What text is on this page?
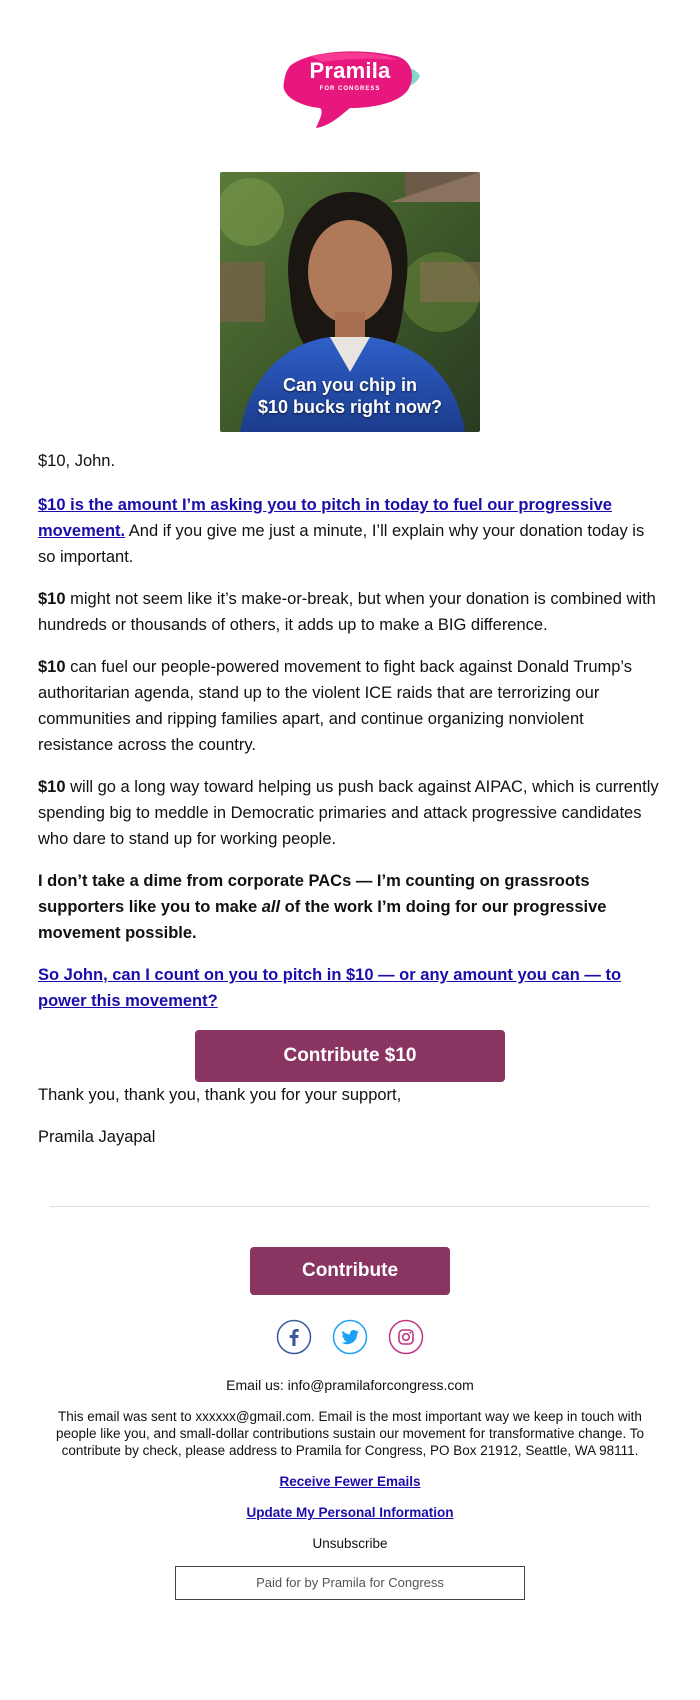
Pramila
FOR CONGRESS
Can you chip in
$10 bucks right now?

$10, John.

$10 is the amount I’m asking you to pitch in today to fuel our progressive movement. And if you give me just a minute, I’ll explain why your donation today is so important.

$10 might not seem like it’s make-or-break, but when your donation is combined with hundreds or thousands of others, it adds up to make a BIG difference.

$10 can fuel our people-powered movement to fight back against Donald Trump’s authoritarian agenda, stand up to the violent ICE raids that are terrorizing our communities and ripping families apart, and continue organizing nonviolent resistance across the country.

$10 will go a long way toward helping us push back against AIPAC, which is currently spending big to meddle in Democratic primaries and attack progressive candidates who dare to stand up for working people.

I don’t take a dime from corporate PACs — I’m counting on grassroots supporters like you to make all of the work I’m doing for our progressive movement possible.

So John, can I count on you to pitch in $10 — or any amount you can — to power this movement?

Contribute $10

Thank you, thank you, thank you for your support,

Pramila Jayapal

Contribute
Email us: info@pramilaforcongress.com
This email was sent to xxxxxx@gmail.com. Email is the most important way we keep in touch with people like you, and small-dollar contributions sustain our movement for transformative change. To contribute by check, please address to Pramila for Congress, PO Box 21912, Seattle, WA 98111.
Receive Fewer Emails
Update My Personal Information
Unsubscribe
Paid for by Pramila for Congress
